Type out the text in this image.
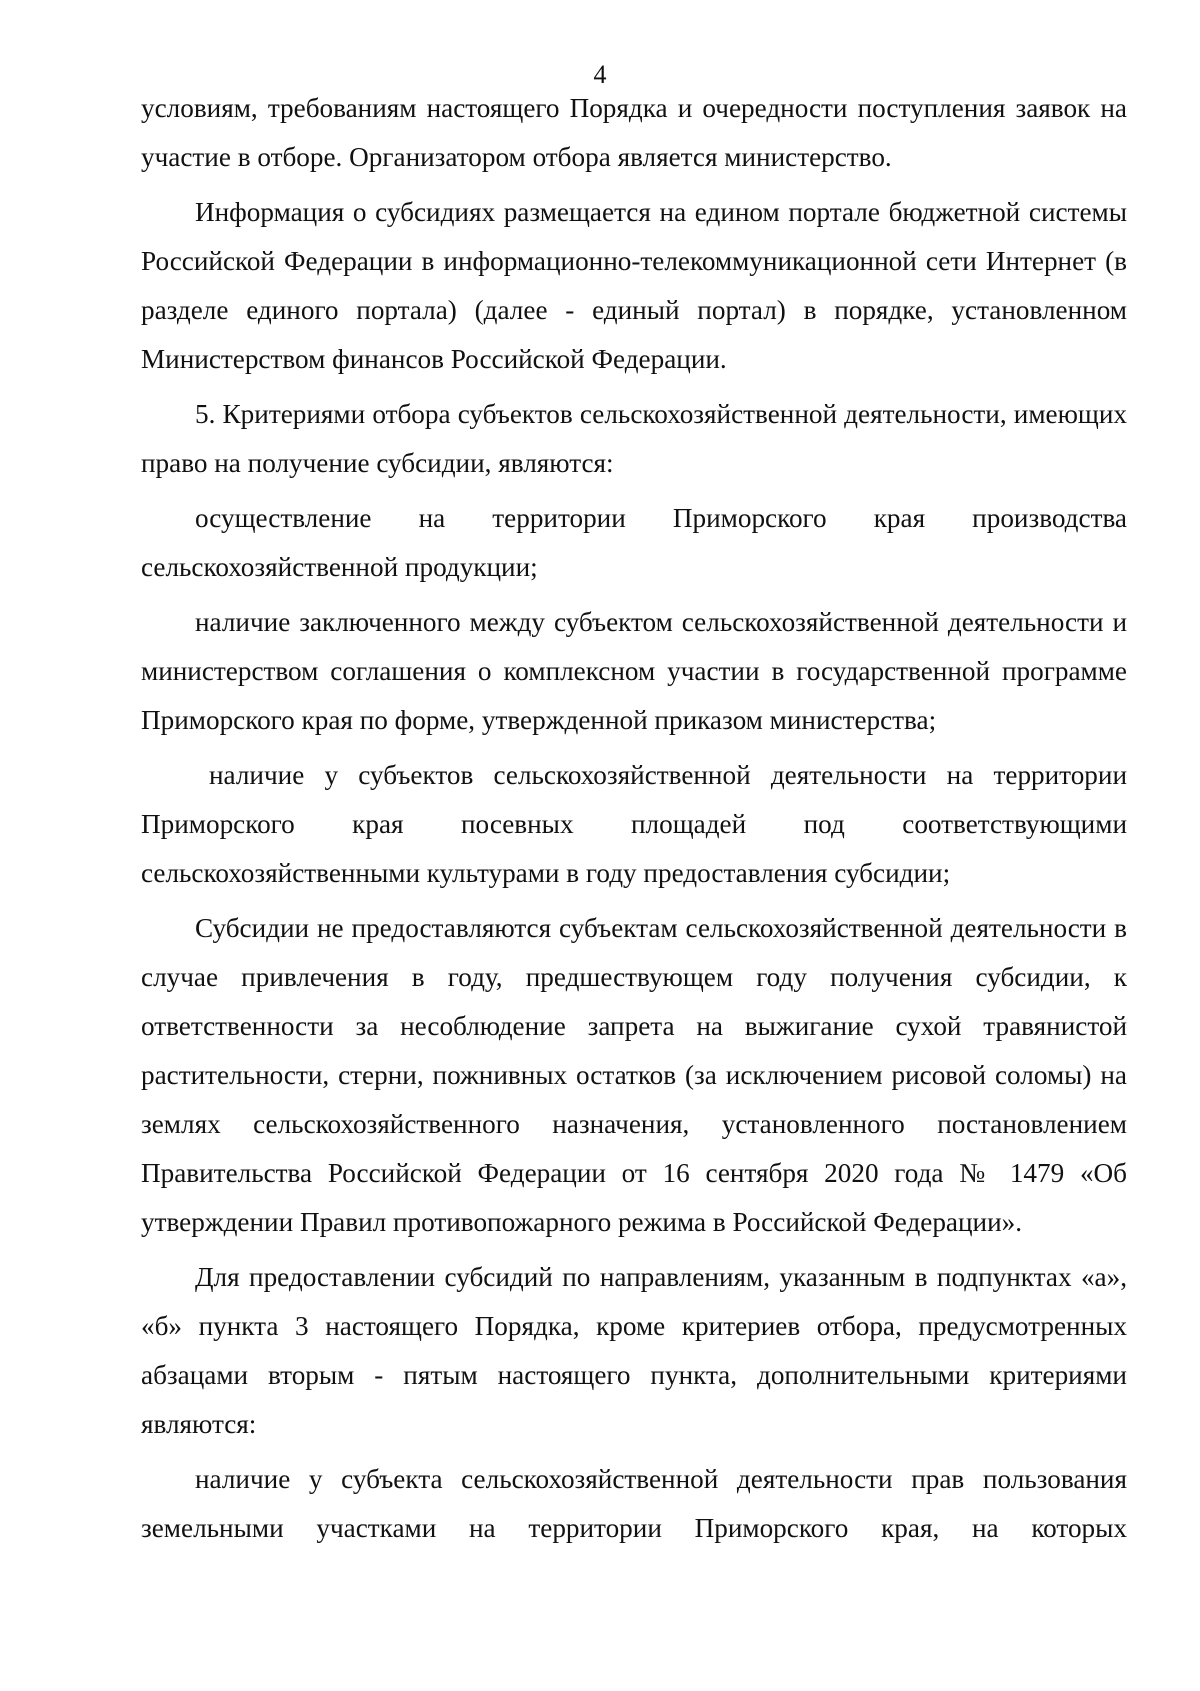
4

условиям, требованиям настоящего Порядка и очередности поступления заявок на участие в отборе. Организатором отбора является министерство.

Информация о субсидиях размещается на едином портале бюджетной системы Российской Федерации в информационно-телекоммуникационной сети Интернет (в разделе единого портала) (далее - единый портал) в порядке, установленном Министерством финансов Российской Федерации.

5. Критериями отбора субъектов сельскохозяйственной деятельности, имеющих право на получение субсидии, являются:

осуществление на территории Приморского края производства сельскохозяйственной продукции;

наличие заключенного между субъектом сельскохозяйственной деятельности и министерством соглашения о комплексном участии в государственной программе Приморского края по форме, утвержденной приказом министерства;

наличие у субъектов сельскохозяйственной деятельности на территории Приморского края посевных площадей под соответствующими сельскохозяйственными культурами в году предоставления субсидии;

Субсидии не предоставляются субъектам сельскохозяйственной деятельности в случае привлечения в году, предшествующем году получения субсидии, к ответственности за несоблюдение запрета на выжигание сухой травянистой растительности, стерни, пожнивных остатков (за исключением рисовой соломы) на землях сельскохозяйственного назначения, установленного постановлением Правительства Российской Федерации от 16 сентября 2020 года № 1479 «Об утверждении Правил противопожарного режима в Российской Федерации».

Для предоставлении субсидий по направлениям, указанным в подпунктах «а», «б» пункта 3 настоящего Порядка, кроме критериев отбора, предусмотренных абзацами вторым - пятым настоящего пункта, дополнительными критериями являются:

наличие у субъекта сельскохозяйственной деятельности прав пользования земельными участками на территории Приморского края, на которых
